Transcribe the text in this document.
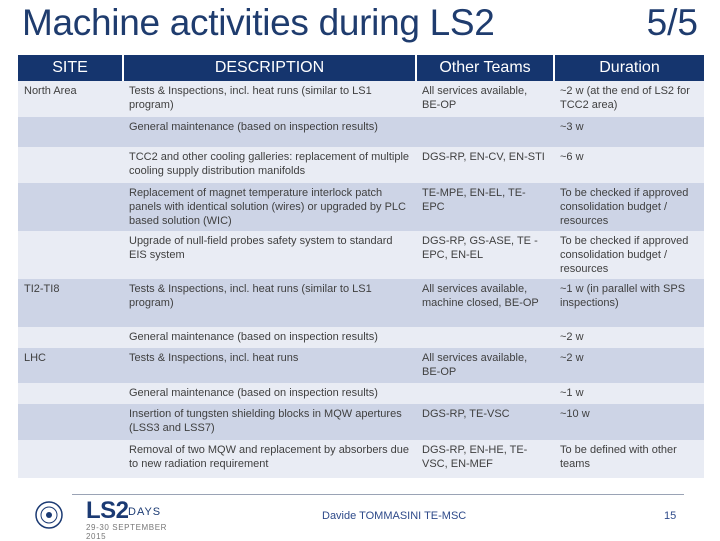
Machine activities during LS2	5/5
SITE	DESCRIPTION	Other Teams	Duration
North Area	Tests & Inspections, incl. heat runs (similar to LS1 program)	All services available, BE-OP	~2 w (at the end of LS2 for TCC2 area)
	General maintenance (based on inspection results)		~3 w
	TCC2 and other cooling galleries: replacement of multiple cooling supply distribution manifolds	DGS-RP, EN-CV, EN-STI	~6 w
	Replacement of magnet temperature interlock patch panels with identical solution (wires) or upgraded by PLC based solution (WIC)	TE-MPE, EN-EL, TE-EPC	To be checked if approved consolidation budget / resources
	Upgrade of null-field probes safety system to standard EIS system	DGS-RP, GS-ASE, TE -EPC, EN-EL	To be checked if approved consolidation budget / resources
TI2-TI8	Tests & Inspections, incl. heat runs (similar to LS1 program)	All services available, machine closed, BE-OP	~1 w (in parallel with SPS inspections)
	General maintenance (based on inspection results)		~2 w
LHC	Tests & Inspections, incl. heat runs	All services available, BE-OP	~2 w
	General maintenance (based on inspection results)		~1 w
	Insertion of tungsten shielding blocks in MQW apertures (LSS3 and LSS7)	DGS-RP, TE-VSC	~10 w
	Removal of two MQW and replacement by absorbers due to new radiation requirement	DGS-RP, EN-HE, TE-VSC, EN-MEF	To be defined with other teams
LS2 DAYS
29-30 SEPTEMBER 2015
Davide TOMMASINI TE-MSC	15
